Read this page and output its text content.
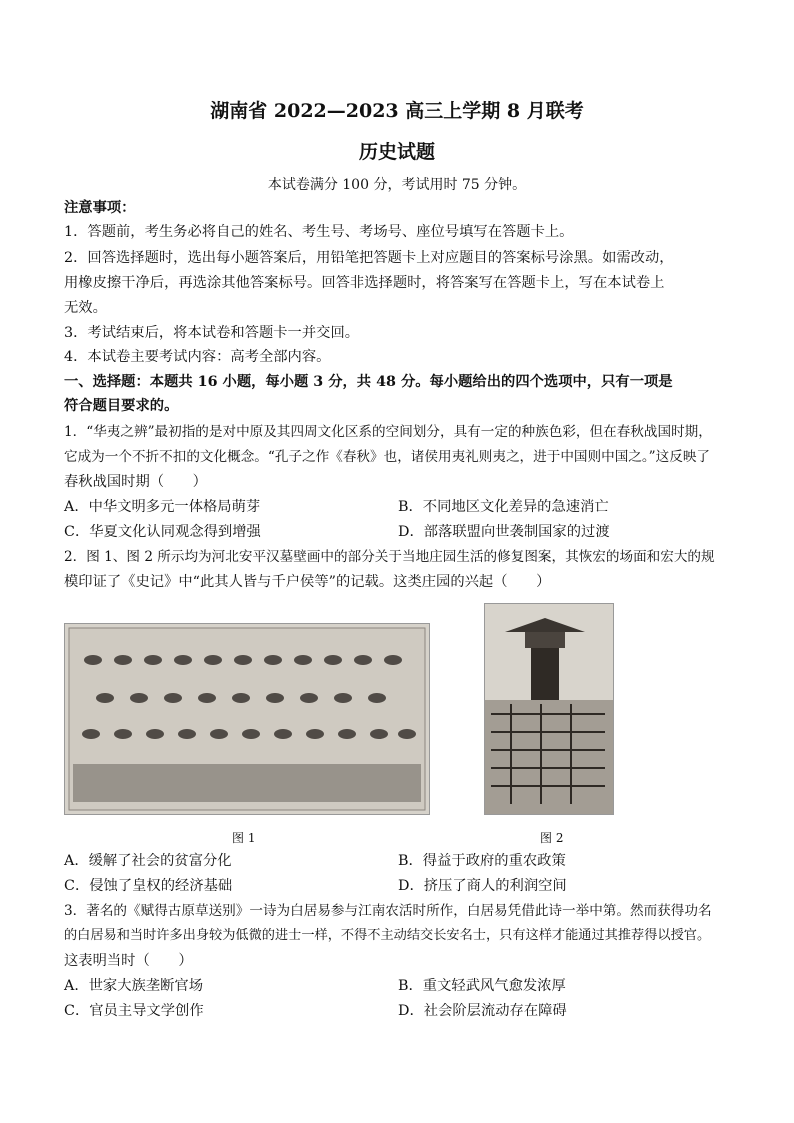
湖南省 2022—2023 高三上学期 8 月联考
历史试题
本试卷满分 100 分，考试用时 75 分钟。
注意事项：
1．答题前，考生务必将自己的姓名、考生号、考场号、座位号填写在答题卡上。
2．回答选择题时，选出每小题答案后，用铅笔把答题卡上对应题目的答案标号涂黑。如需改动，
用橡皮擦干净后，再选涂其他答案标号。回答非选择题时，将答案写在答题卡上，写在本试卷上
无效。
3．考试结束后，将本试卷和答题卡一并交回。
4．本试卷主要考试内容：高考全部内容。
一、选择题：本题共 16 小题，每小题 3 分，共 48 分。每小题给出的四个选项中，只有一项是
符合题目要求的。
1．“华夷之辨”最初指的是对中原及其四周文化区系的空间划分，具有一定的种族色彩，但在春秋战国时期，
它成为一个不折不扣的文化概念。“孔子之作《春秋》也，诸侯用夷礼则夷之，进于中国则中国之。”这反映了
春秋战国时期（　　）
A．中华文明多元一体格局萌芽	B．不同地区文化差异的急速消亡
C．华夏文化认同观念得到增强	D．部落联盟向世袭制国家的过渡
2．图 1、图 2 所示均为河北安平汉墓壁画中的部分关于当地庄园生活的修复图案，其恢宏的场面和宏大的规
模印证了《史记》中“此其人皆与千户侯等”的记载。这类庄园的兴起（　　）
图 1	图 2
A．缓解了社会的贫富分化	B．得益于政府的重农政策
C．侵蚀了皇权的经济基础	D．挤压了商人的利润空间
3．著名的《赋得古原草送别》一诗为白居易参与江南农活时所作，白居易凭借此诗一举中第。然而获得功名
的白居易和当时许多出身较为低微的进士一样，不得不主动结交长安名士，只有这样才能通过其推荐得以授官。
这表明当时（　　）
A．世家大族垄断官场	B．重文轻武风气愈发浓厚
C．官员主导文学创作	D．社会阶层流动存在障碍
